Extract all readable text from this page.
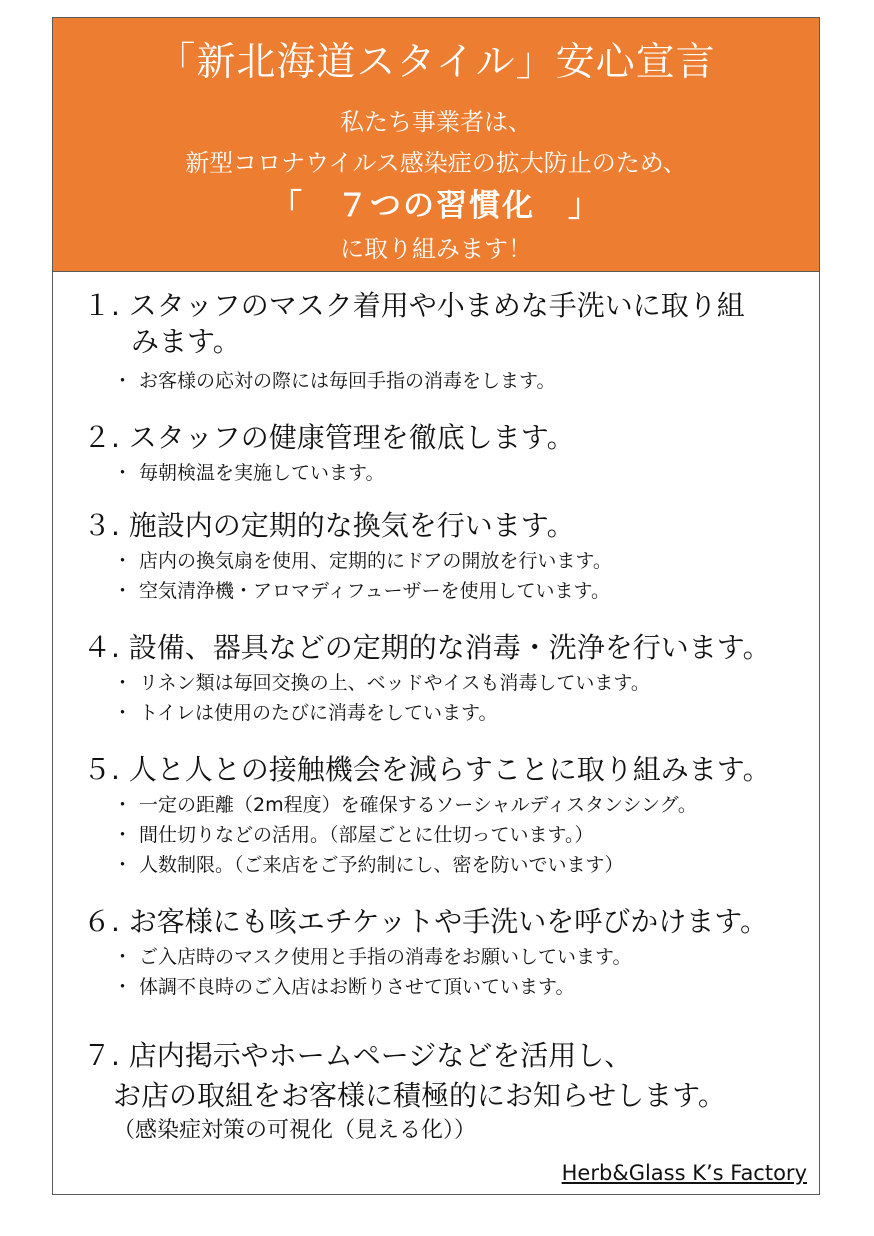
「新北海道スタイル」安心宣言
私たち事業者は、
新型コロナウイルス感染症の拡大防止のため、
「　７つの習慣化　」
に取り組みます！
１. スタッフのマスク着用や小まめな手洗いに取り組
みます。
・ お客様の応対の際には毎回手指の消毒をします。
２. スタッフの健康管理を徹底します。
・ 毎朝検温を実施しています。
３. 施設内の定期的な換気を行います。
・ 店内の換気扇を使用、定期的にドアの開放を行います。
・ 空気清浄機・アロマディフューザーを使用しています。
４. 設備、器具などの定期的な消毒・洗浄を行います。
・ リネン類は毎回交換の上、ベッドやイスも消毒しています。
・ トイレは使用のたびに消毒をしています。
５. 人と人との接触機会を減らすことに取り組みます。
・ 一定の距離（2m程度）を確保するソーシャルディスタンシング。
・ 間仕切りなどの活用。（部屋ごとに仕切っています。）
・ 人数制限。（ご来店をご予約制にし、密を防いでいます）
６. お客様にも咳エチケットや手洗いを呼びかけます。
・ ご入店時のマスク使用と手指の消毒をお願いしています。
・ 体調不良時のご入店はお断りさせて頂いています。
７. 店内掲示やホームページなどを活用し、
お店の取組をお客様に積極的にお知らせします。
（感染症対策の可視化（見える化））
Herb&Glass K’s Factory
